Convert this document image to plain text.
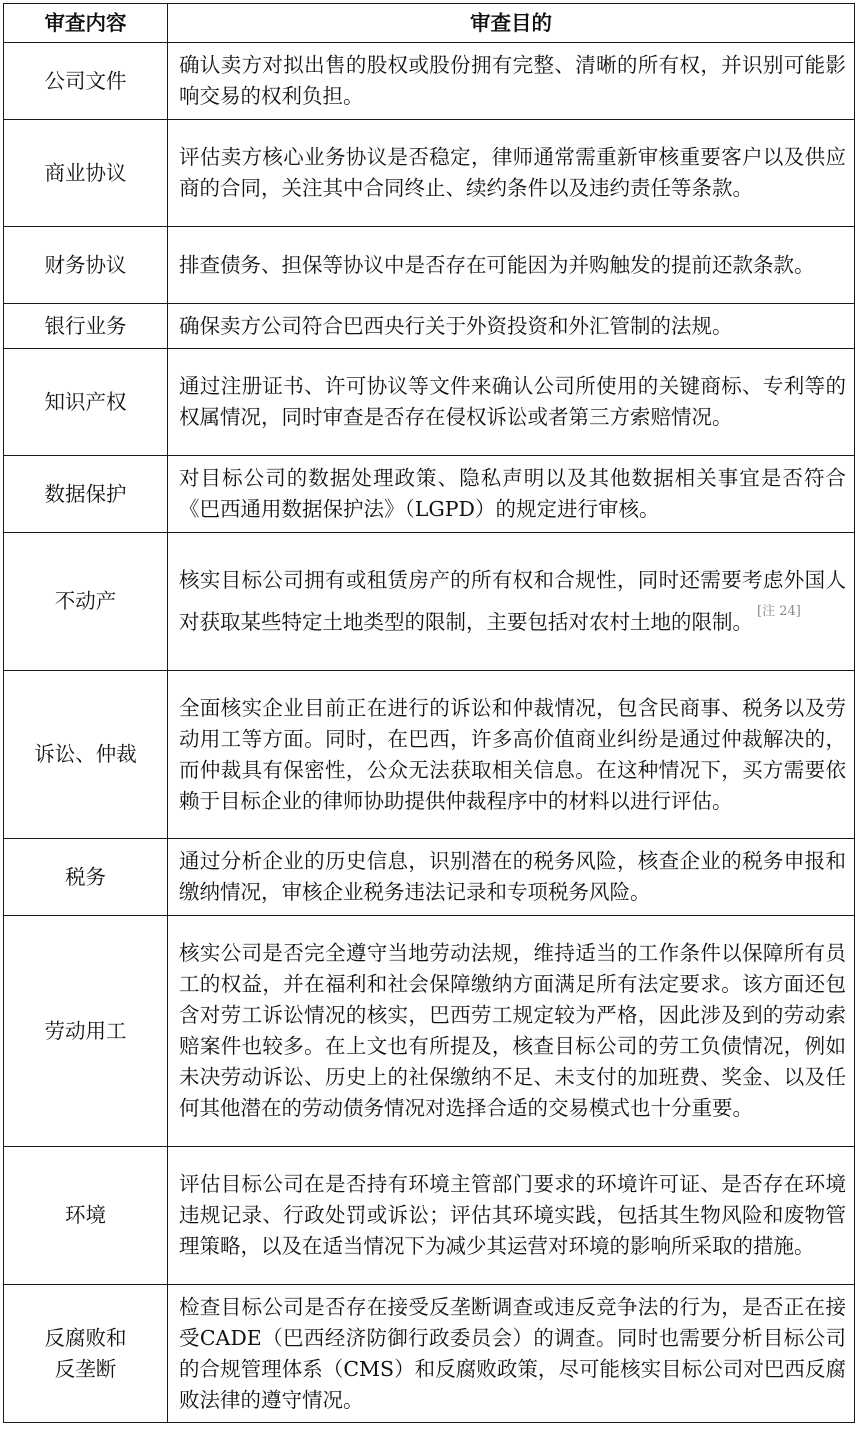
审查内容	审查目的
公司文件	确认卖方对拟出售的股权或股份拥有完整、清晰的所有权，并识别可能影响交易的权利负担。
商业协议	评估卖方核心业务协议是否稳定，律师通常需重新审核重要客户以及供应商的合同，关注其中合同终止、续约条件以及违约责任等条款。
财务协议	排查债务、担保等协议中是否存在可能因为并购触发的提前还款条款。
银行业务	确保卖方公司符合巴西央行关于外资投资和外汇管制的法规。
知识产权	通过注册证书、许可协议等文件来确认公司所使用的关键商标、专利等的权属情况，同时审查是否存在侵权诉讼或者第三方索赔情况。
数据保护	对目标公司的数据处理政策、隐私声明以及其他数据相关事宜是否符合《巴西通用数据保护法》（LGPD）的规定进行审核。
不动产	核实目标公司拥有或租赁房产的所有权和合规性，同时还需要考虑外国人对获取某些特定土地类型的限制，主要包括对农村土地的限制。 [注 24]
诉讼、仲裁	全面核实企业目前正在进行的诉讼和仲裁情况，包含民商事、税务以及劳动用工等方面。同时，在巴西，许多高价值商业纠纷是通过仲裁解决的，而仲裁具有保密性，公众无法获取相关信息。在这种情况下，买方需要依赖于目标企业的律师协助提供仲裁程序中的材料以进行评估。
税务	通过分析企业的历史信息，识别潜在的税务风险，核查企业的税务申报和缴纳情况，审核企业税务违法记录和专项税务风险。
劳动用工	核实公司是否完全遵守当地劳动法规，维持适当的工作条件以保障所有员工的权益，并在福利和社会保障缴纳方面满足所有法定要求。该方面还包含对劳工诉讼情况的核实，巴西劳工规定较为严格，因此涉及到的劳动索赔案件也较多。在上文也有所提及，核查目标公司的劳工负债情况，例如未决劳动诉讼、历史上的社保缴纳不足、未支付的加班费、奖金、以及任何其他潜在的劳动债务情况对选择合适的交易模式也十分重要。
环境	评估目标公司在是否持有环境主管部门要求的环境许可证、是否存在环境违规记录、行政处罚或诉讼；评估其环境实践，包括其生物风险和废物管理策略，以及在适当情况下为减少其运营对环境的影响所采取的措施。
反腐败和
反垄断	检查目标公司是否存在接受反垄断调查或违反竞争法的行为，是否正在接受CADE（巴西经济防御行政委员会）的调查。同时也需要分析目标公司的合规管理体系（CMS）和反腐败政策，尽可能核实目标公司对巴西反腐败法律的遵守情况。
